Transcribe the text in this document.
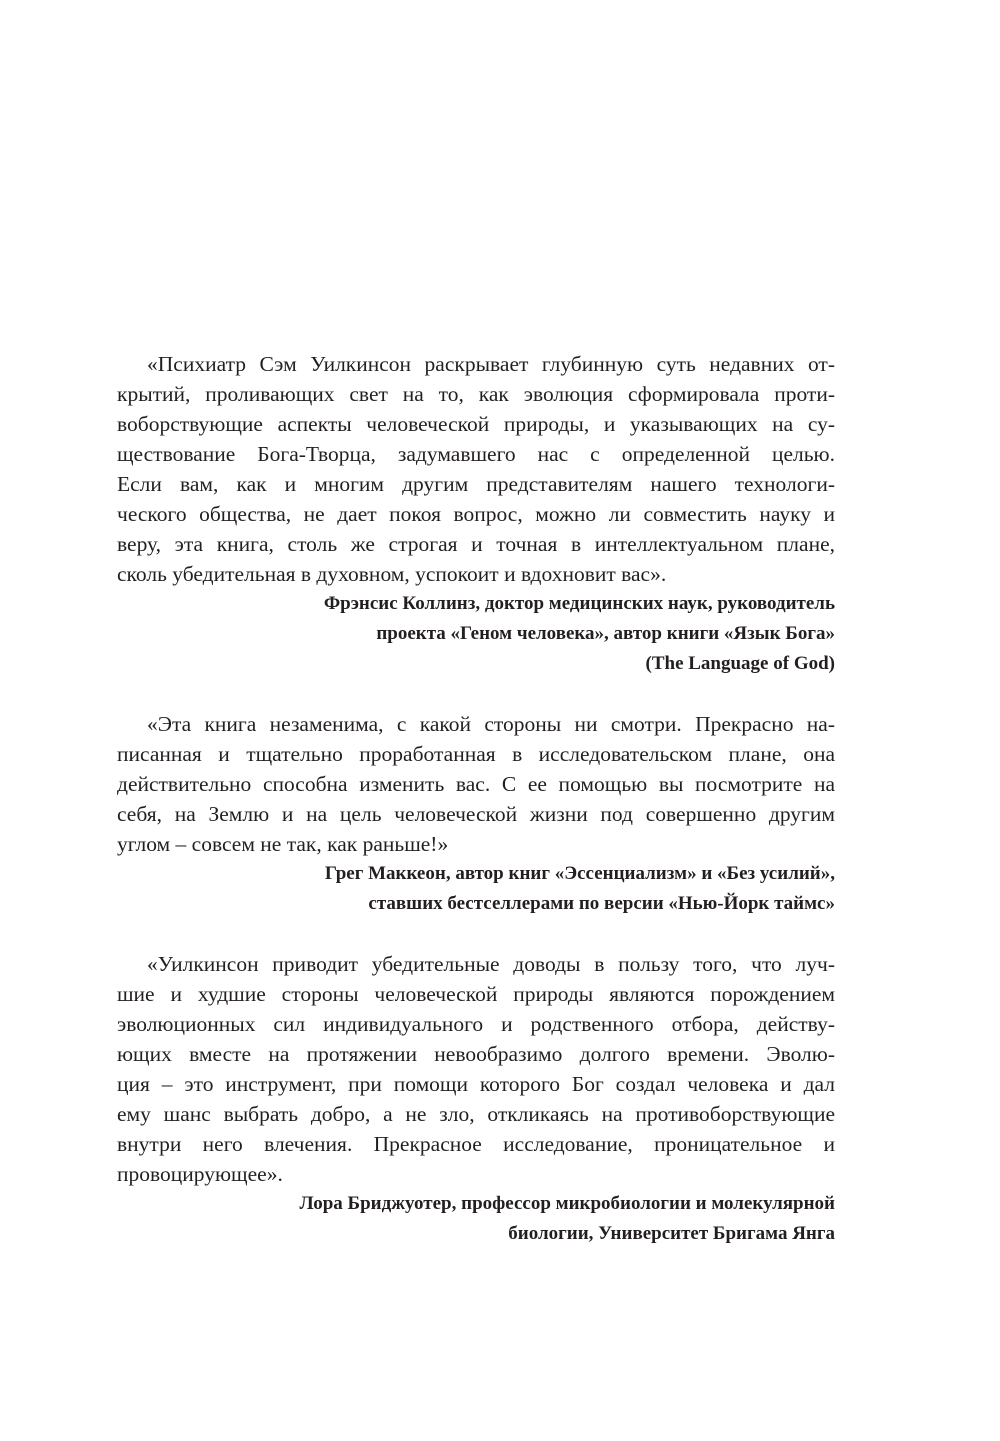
«Психиатр Сэм Уилкинсон раскрывает глубинную суть недавних от-
крытий, проливающих свет на то, как эволюция сформировала проти-
воборствующие аспекты человеческой природы, и указывающих на су-
ществование Бога-Творца, задумавшего нас с определенной целью.
Если вам, как и многим другим представителям нашего технологи-
ческого общества, не дает покоя вопрос, можно ли совместить науку и
веру, эта книга, столь же строгая и точная в интеллектуальном плане,
сколь убедительная в духовном, успокоит и вдохновит вас».
Фрэнсис Коллинз, доктор медицинских наук, руководитель
проекта «Геном человека», автор книги «Язык Бога»
(The Language of God)
«Эта книга незаменима, с какой стороны ни смотри. Прекрасно на-
писанная и тщательно проработанная в исследовательском плане, она
действительно способна изменить вас. С ее помощью вы посмотрите на
себя, на Землю и на цель человеческой жизни под совершенно другим
углом – совсем не так, как раньше!»
Грег Маккеон, автор книг «Эссенциализм» и «Без усилий»,
ставших бестселлерами по версии «Нью-Йорк таймс»
«Уилкинсон приводит убедительные доводы в пользу того, что луч-
шие и худшие стороны человеческой природы являются порождением
эволюционных сил индивидуального и родственного отбора, действу-
ющих вместе на протяжении невообразимо долгого времени. Эволю-
ция – это инструмент, при помощи которого Бог создал человека и дал
ему шанс выбрать добро, а не зло, откликаясь на противоборствующие
внутри него влечения. Прекрасное исследование, проницательное и
провоцирующее».
Лора Бриджуотер, профессор микробиологии и молекулярной
биологии, Университет Бригама Янга
